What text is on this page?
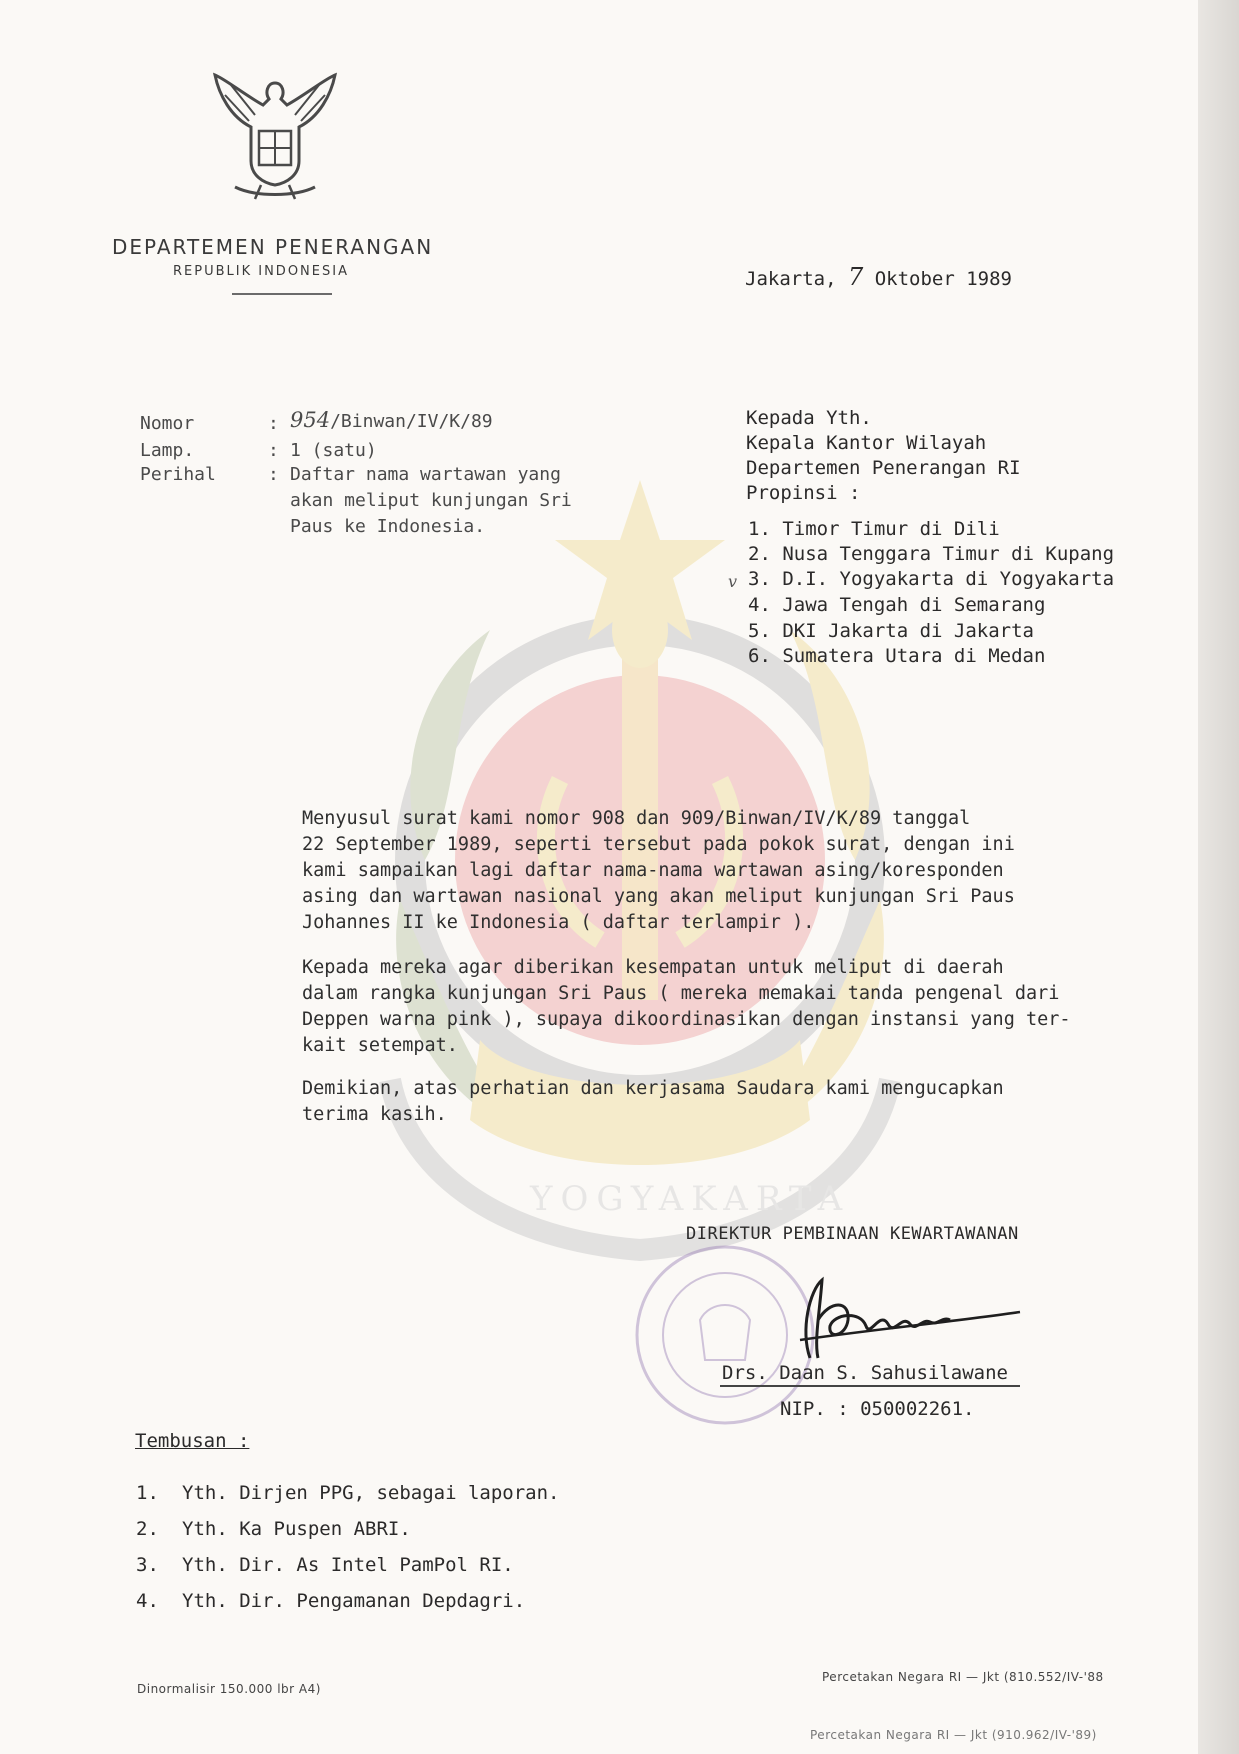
YOGYAKARTA
DEPARTEMEN PENERANGAN
REPUBLIK INDONESIA	Jakarta, 7 Oktober 1989
Nomor	: 954/Binwan/IV/K/89
Lamp.	: 1 (satu)
Perihal	: Daftar nama wartawan yang
akan meliput kunjungan Sri
Paus ke Indonesia.
Kepada Yth.
Kepala Kantor Wilayah
Departemen Penerangan RI
Propinsi :
v
1. Timor Timur di Dili
2. Nusa Tenggara Timur di Kupang
3. D.I. Yogyakarta di Yogyakarta
4. Jawa Tengah di Semarang
5. DKI Jakarta di Jakarta
6. Sumatera Utara di Medan
Menyusul surat kami nomor 908 dan 909/Binwan/IV/K/89 tanggal
22 September 1989, seperti tersebut pada pokok surat, dengan ini
kami sampaikan lagi daftar nama-nama wartawan asing/koresponden
asing dan wartawan nasional yang akan meliput kunjungan Sri Paus
Johannes II ke Indonesia ( daftar terlampir ).
Kepada mereka agar diberikan kesempatan untuk meliput di daerah
dalam rangka kunjungan Sri Paus ( mereka memakai tanda pengenal dari
Deppen warna pink ), supaya dikoordinasikan dengan instansi yang ter-
kait setempat.
Demikian, atas perhatian dan kerjasama Saudara kami mengucapkan
terima kasih.
DIREKTUR PEMBINAAN KEWARTAWANAN
Drs. Daan S. Sahusilawane
NIP. : 050002261.
Tembusan :
1. Yth. Dirjen PPG, sebagai laporan.
2. Yth. Ka Puspen ABRI.
3. Yth. Dir. As Intel PamPol RI.
4. Yth. Dir. Pengamanan Depdagri.
Dinormalisir 150.000 lbr A4)
Percetakan Negara RI — Jkt (810.552/IV-'88
Percetakan Negara RI — Jkt (910.962/IV-'89)
